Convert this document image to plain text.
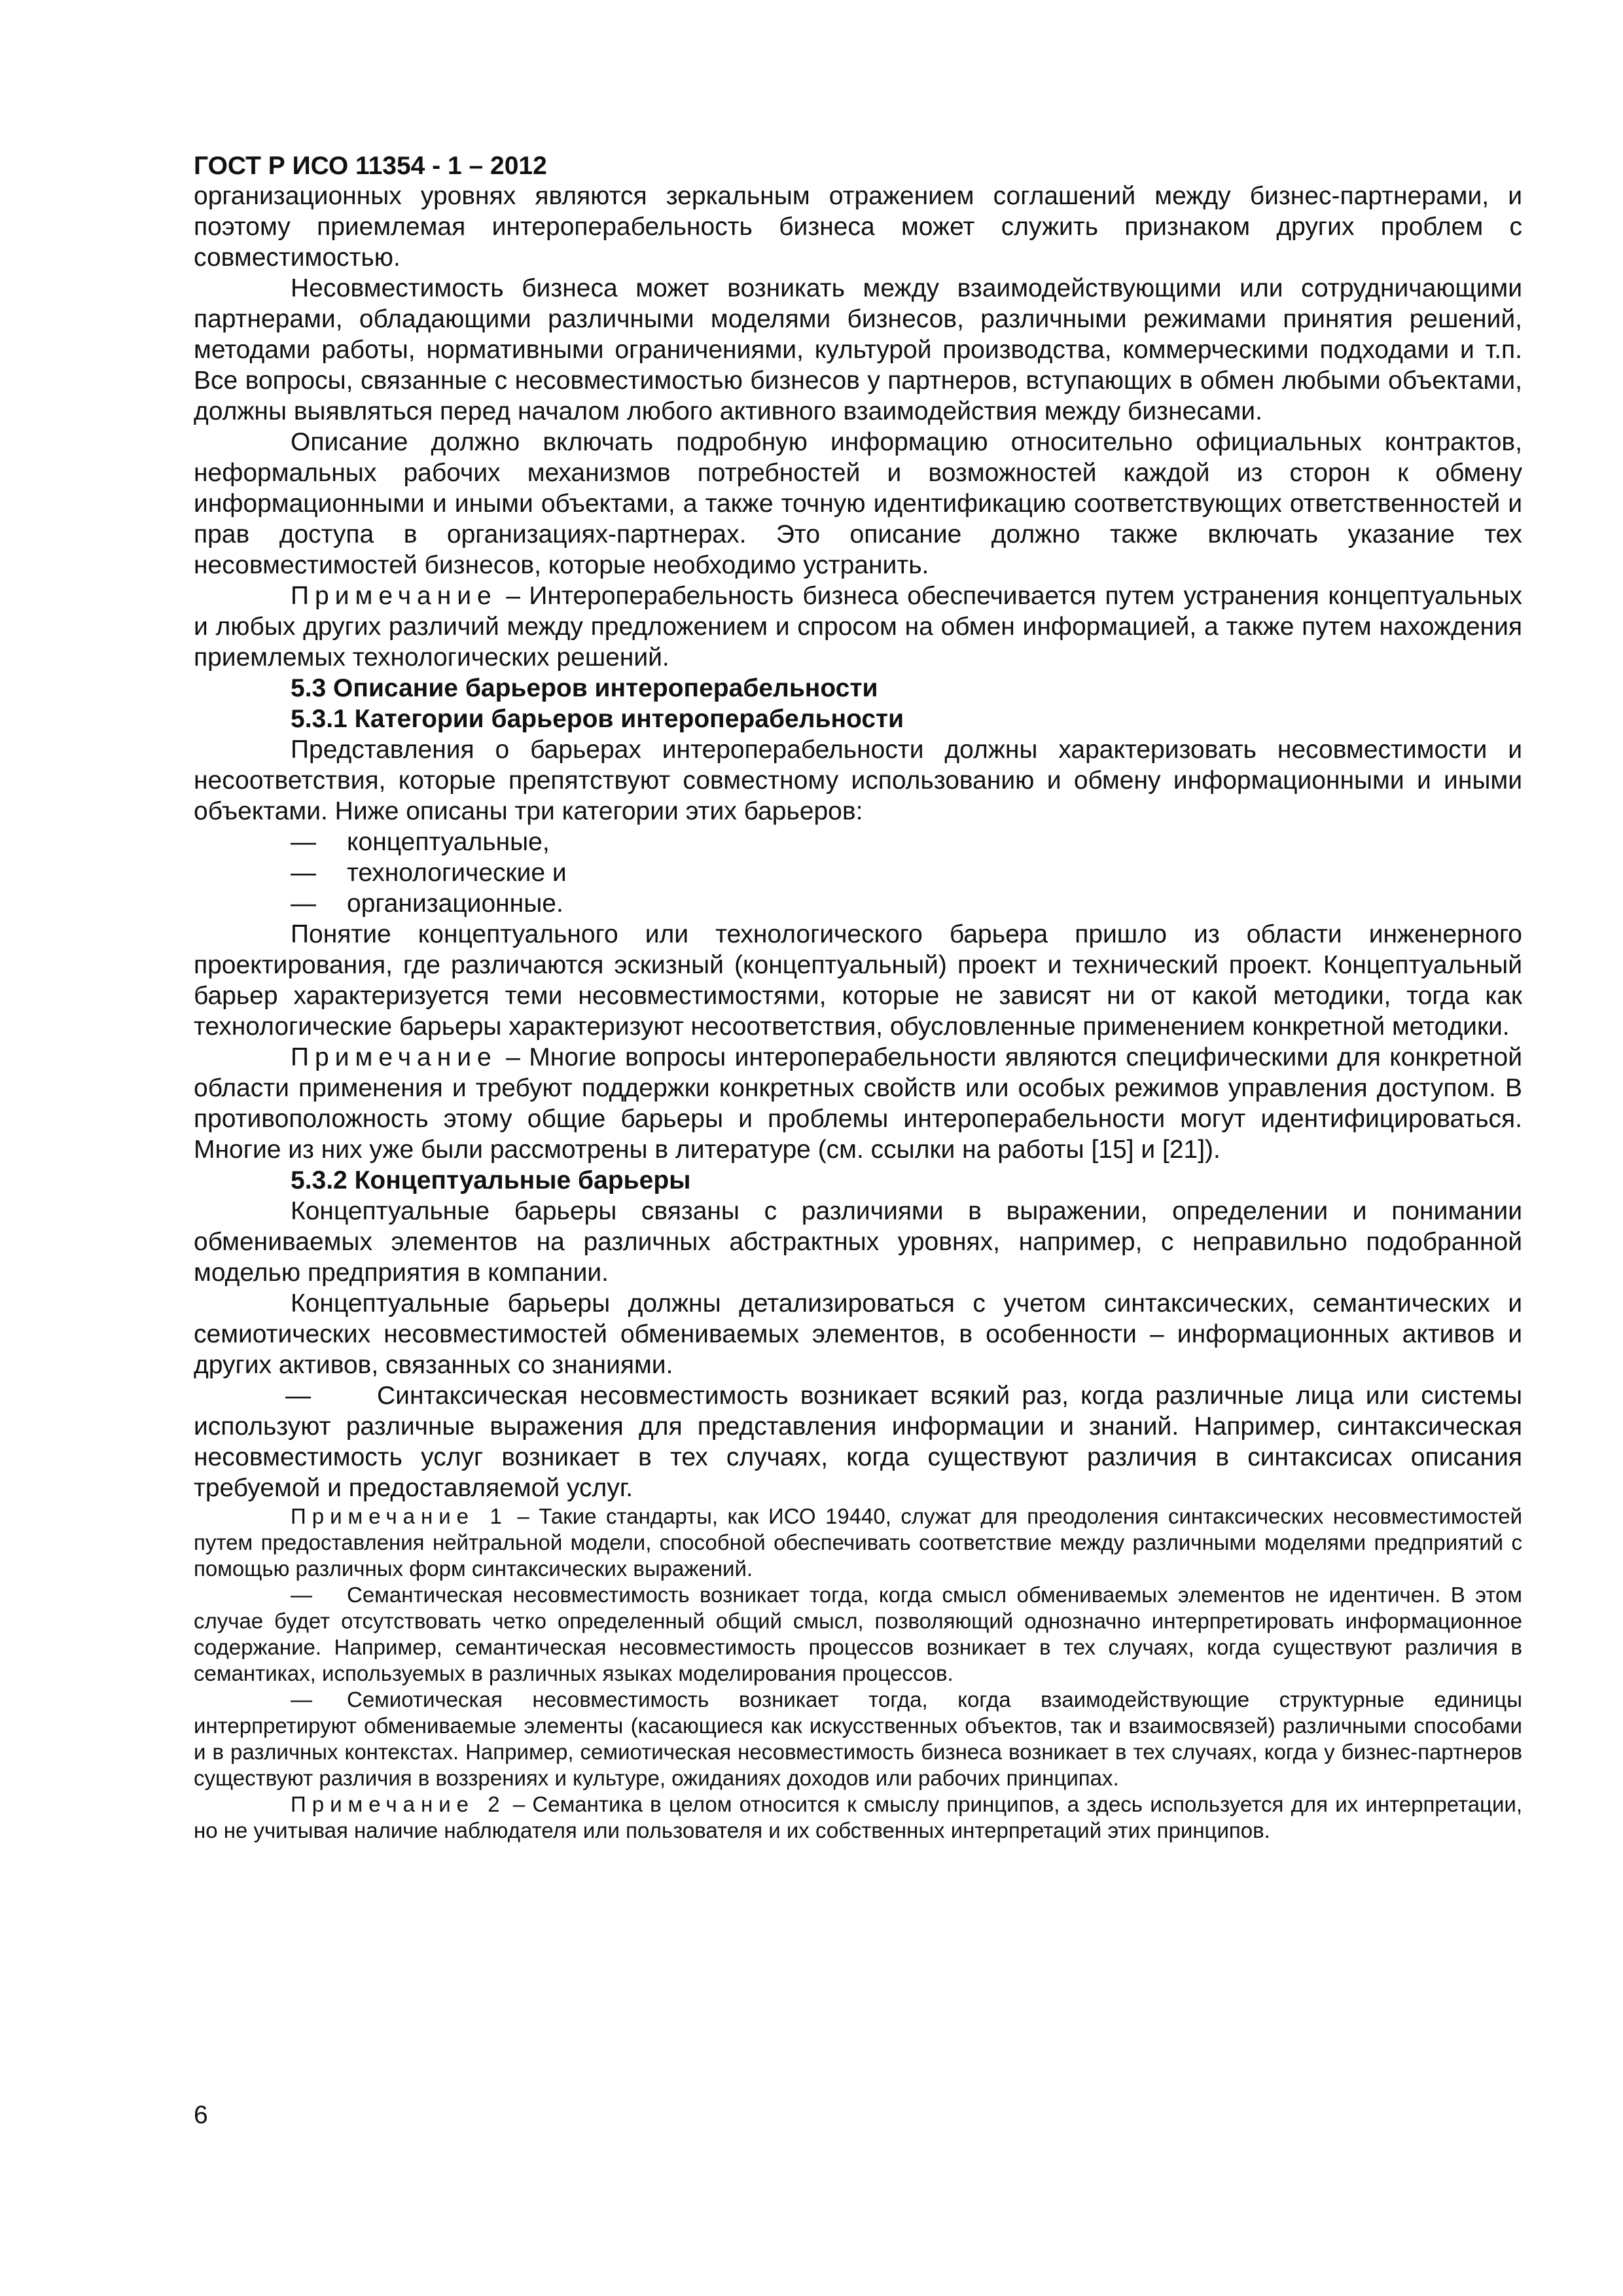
ГОСТ Р ИСО 11354 - 1 – 2012

организационных уровнях являются зеркальным отражением соглашений между бизнес-партнерами, и поэтому приемлемая интероперабельность бизнеса может служить признаком других проблем с совместимостью.

Несовместимость бизнеса может возникать между взаимодействующими или сотрудничающими партнерами, обладающими различными моделями бизнесов, различными режимами принятия решений, методами работы, нормативными ограничениями, культурой производства, коммерческими подходами и т.п. Все вопросы, связанные с несовместимостью бизнесов у партнеров, вступающих в обмен любыми объектами, должны выявляться перед началом любого активного взаимодействия между бизнесами.

Описание должно включать подробную информацию относительно официальных контрактов, неформальных рабочих механизмов потребностей и возможностей каждой из сторон к обмену информационными и иными объектами, а также точную идентификацию соответствующих ответственностей и прав доступа в организациях-партнерах. Это описание должно также включать указание тех несовместимостей бизнесов, которые необходимо устранить.

Примечание – Интероперабельность бизнеса обеспечивается путем устранения концептуальных и любых других различий между предложением и спросом на обмен информацией, а также путем нахождения приемлемых технологических решений.

5.3 Описание барьеров интероперабельности
5.3.1 Категории барьеров интероперабельности

Представления о барьерах интероперабельности должны характеризовать несовместимости и несоответствия, которые препятствуют совместному использованию и обмену информационными и иными объектами. Ниже описаны три категории этих барьеров:

— концептуальные,
— технологические и
— организационные.

Понятие концептуального или технологического барьера пришло из области инженерного проектирования, где различаются эскизный (концептуальный) проект и технический проект. Концептуальный барьер характеризуется теми несовместимостями, которые не зависят ни от какой методики, тогда как технологические барьеры характеризуют несоответствия, обусловленные применением конкретной методики.

Примечание – Многие вопросы интероперабельности являются специфическими для конкретной области применения и требуют поддержки конкретных свойств или особых режимов управления доступом. В противоположность этому общие барьеры и проблемы интероперабельности могут идентифицироваться. Многие из них уже были рассмотрены в литературе (см. ссылки на работы [15] и [21]).

5.3.2 Концептуальные барьеры

Концептуальные барьеры связаны с различиями в выражении, определении и понимании обмениваемых элементов на различных абстрактных уровнях, например, с неправильно подобранной моделью предприятия в компании.

Концептуальные барьеры должны детализироваться с учетом синтаксических, семантических и семиотических несовместимостей обмениваемых элементов, в особенности – информационных активов и других активов, связанных со знаниями.

—	Синтаксическая несовместимость возникает всякий раз, когда различные лица или системы используют различные выражения для представления информации и знаний. Например, синтаксическая несовместимость услуг возникает в тех случаях, когда существуют различия в синтаксисах описания требуемой и предоставляемой услуг.

Примечание 1 – Такие стандарты, как ИСО 19440, служат для преодоления синтаксических несовместимостей путем предоставления нейтральной модели, способной обеспечивать соответствие между различными моделями предприятий с помощью различных форм синтаксических выражений.

— Семантическая несовместимость возникает тогда, когда смысл обмениваемых элементов не идентичен. В этом случае будет отсутствовать четко определенный общий смысл, позволяющий однозначно интерпретировать информационное содержание. Например, семантическая несовместимость процессов возникает в тех случаях, когда существуют различия в семантиках, используемых в различных языках моделирования процессов.

— Семиотическая несовместимость возникает тогда, когда взаимодействующие структурные единицы интерпретируют обмениваемые элементы (касающиеся как искусственных объектов, так и взаимосвязей) различными способами и в различных контекстах. Например, семиотическая несовместимость бизнеса возникает в тех случаях, когда у бизнес-партнеров существуют различия в воззрениях и культуре, ожиданиях доходов или рабочих принципах.

Примечание 2 – Семантика в целом относится к смыслу принципов, а здесь используется для их интерпретации, но не учитывая наличие наблюдателя или пользователя и их собственных интерпретаций этих принципов.

6
